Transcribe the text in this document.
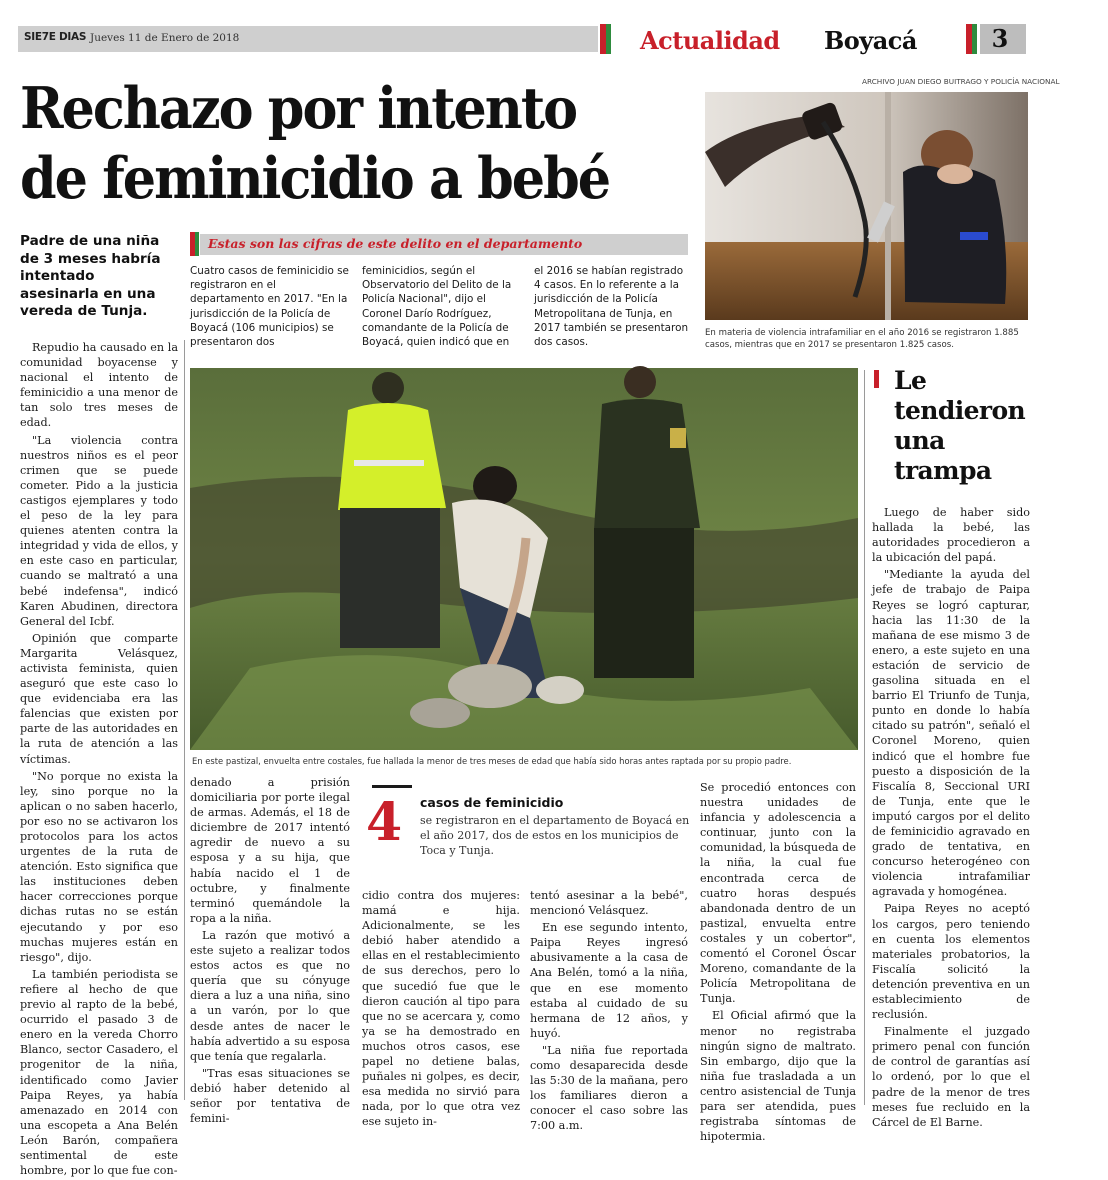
SIE7E DIAS Jueves 11 de Enero de 2018	Actualidad Boyacá	3
Rechazo por intento
de feminicidio a bebé
Padre de una niña de 3 meses habría intentado asesinarla en una vereda de Tunja.
Estas son las cifras de este delito en el departamento
Cuatro casos de feminicidio se registraron en el departamento en 2017. "En la jurisdicción de la Policía de Boyacá (106 municipios) se presentaron dos
feminicidios, según el Observatorio del Delito de la Policía Nacional", dijo el Coronel Darío Rodríguez, comandante de la Policía de Boyacá, quien indicó que en
el 2016 se habían registrado 4 casos. En lo referente a la jurisdicción de la Policía Metropolitana de Tunja, en 2017 también se presentaron dos casos.
ARCHIVO JUAN DIEGO BUITRAGO Y POLICÍA NACIONAL
En materia de violencia intrafamiliar en el año 2016 se registraron 1.885 casos, mientras que en 2017 se presentaron 1.825 casos.
En este pastizal, envuelta entre costales, fue hallada la menor de tres meses de edad que había sido horas antes raptada por su propio padre.

Repudio ha causado en la comunidad boyacense y nacional el intento de feminicidio a una menor de tan solo tres meses de edad.

"La violencia contra nuestros niños es el peor crimen que se puede cometer. Pido a la justicia castigos ejemplares y todo el peso de la ley para quienes atenten contra la integridad y vida de ellos, y en este caso en particular, cuando se maltrató a una bebé indefensa", indicó Karen Abudinen, directora General del Icbf.

Opinión que comparte Margarita Velásquez, activista feminista, quien aseguró que este caso lo que evidenciaba era las falencias que existen por parte de las autoridades en la ruta de atención a las víctimas.

"No porque no exista la ley, sino porque no la aplican o no saben hacerlo, por eso no se activaron los protocolos para los actos urgentes de la ruta de atención. Esto significa que las instituciones deben hacer correcciones porque dichas rutas no se están ejecutando y por eso muchas mujeres están en riesgo", dijo.

La también periodista se refiere al hecho de que previo al rapto de la bebé, ocurrido el pasado 3 de enero en la vereda Chorro Blanco, sector Casadero, el progenitor de la niña, identificado como Javier Paipa Reyes, ya había amenazado en 2014 con una escopeta a Ana Belén León Barón, compañera sentimental de este hombre, por lo que fue con-

denado a prisión domiciliaria por porte ilegal de armas. Además, el 18 de diciembre de 2017 intentó agredir de nuevo a su esposa y a su hija, que había nacido el 1 de octubre, y finalmente terminó quemándole la ropa a la niña.

La razón que motivó a este sujeto a realizar todos estos actos es que no quería que su cónyuge diera a luz a una niña, sino a un varón, por lo que desde antes de nacer le había advertido a su esposa que tenía que regalarla.

"Tras esas situaciones se debió haber detenido al señor por tentativa de femini-

4 casos de feminicidio
se registraron en el departamento de Boyacá en el año 2017, dos de estos en los municipios de Toca y Tunja.

cidio contra dos mujeres: mamá e hija. Adicionalmente, se les debió haber atendido a ellas en el restablecimiento de sus derechos, pero lo que sucedió fue que le dieron caución al tipo para que no se acercara y, como ya se ha demostrado en muchos otros casos, ese papel no detiene balas, puñales ni golpes, es decir, esa medida no sirvió para nada, por lo que otra vez ese sujeto in-

tentó asesinar a la bebé", mencionó Velásquez.

En ese segundo intento, Paipa Reyes ingresó abusivamente a la casa de Ana Belén, tomó a la niña, que en ese momento estaba al cuidado de su hermana de 12 años, y huyó.

"La niña fue reportada como desaparecida desde las 5:30 de la mañana, pero los familiares dieron a conocer el caso sobre las 7:00 a.m.

Se procedió entonces con nuestra unidades de infancia y adolescencia a continuar, junto con la comunidad, la búsqueda de la niña, la cual fue encontrada cerca de cuatro horas después abandonada dentro de un pastizal, envuelta entre costales y un cobertor", comentó el Coronel Óscar Moreno, comandante de la Policía Metropolitana de Tunja.

El Oficial afirmó que la menor no registraba ningún signo de maltrato. Sin embargo, dijo que la niña fue trasladada a un centro asistencial de Tunja para ser atendida, pues registraba síntomas de hipotermia.

Le tendieron una trampa

Luego de haber sido hallada la bebé, las autoridades procedieron a la ubicación del papá.

"Mediante la ayuda del jefe de trabajo de Paipa Reyes se logró capturar, hacia las 11:30 de la mañana de ese mismo 3 de enero, a este sujeto en una estación de servicio de gasolina situada en el barrio El Triunfo de Tunja, punto en donde lo había citado su patrón", señaló el Coronel Moreno, quien indicó que el hombre fue puesto a disposición de la Fiscalía 8, Seccional URI de Tunja, ente que le imputó cargos por el delito de feminicidio agravado en grado de tentativa, en concurso heterogéneo con violencia intrafamiliar agravada y homogénea.

Paipa Reyes no aceptó los cargos, pero teniendo en cuenta los elementos materiales probatorios, la Fiscalía solicitó la detención preventiva en un establecimiento de reclusión.

Finalmente el juzgado primero penal con función de control de garantías así lo ordenó, por lo que el padre de la menor de tres meses fue recluido en la Cárcel de El Barne.
